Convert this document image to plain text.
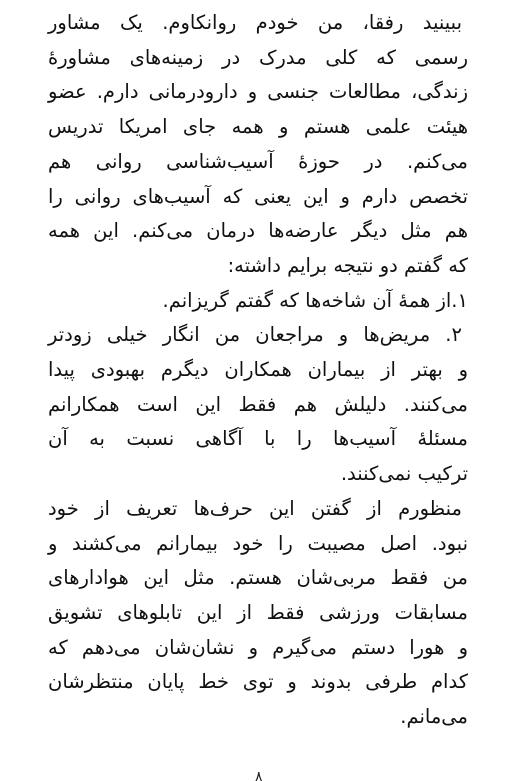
ببینید رفقا، من خودم روانکاوم. یک مشاور
رسمی که کلی مدرک در زمینه‌های مشاورۀ
زندگی، مطالعات جنسی و دارودرمانی دارم. عضو
هیئت علمی هستم و همه جای امریکا تدریس
می‌کنم. در حوزۀ آسیب‌شناسی روانی هم
تخصص دارم و این یعنی که آسیب‌های روانی را
هم مثل دیگر عارضه‌ها درمان می‌کنم. این همه
که گفتم دو نتیجه برایم داشته:
۱.از همۀ آن شاخه‌ها که گفتم گریزانم.
۲. مریض‌ها و مراجعان من انگار خیلی زودتر
و بهتر از بیماران همکاران دیگرم بهبودی پیدا
می‌کنند. دلیلش هم فقط این است همکارانم
مسئلۀ آسیب‌ها را با آگاهی نسبت به آن
ترکیب نمی‌کنند.
منظورم از گفتن این حرف‌ها تعریف از خود
نبود. اصل مصیبت را خود بیمارانم می‌کشند و
من فقط مربی‌شان هستم. مثل این هوادارهای
مسابقات ورزشی فقط از این تابلوهای تشویق
و هورا دستم می‌گیرم و نشان‌شان می‌دهم که
کدام طرفی بدوند و توی خط پایان منتظرشان
می‌مانم.
۸
